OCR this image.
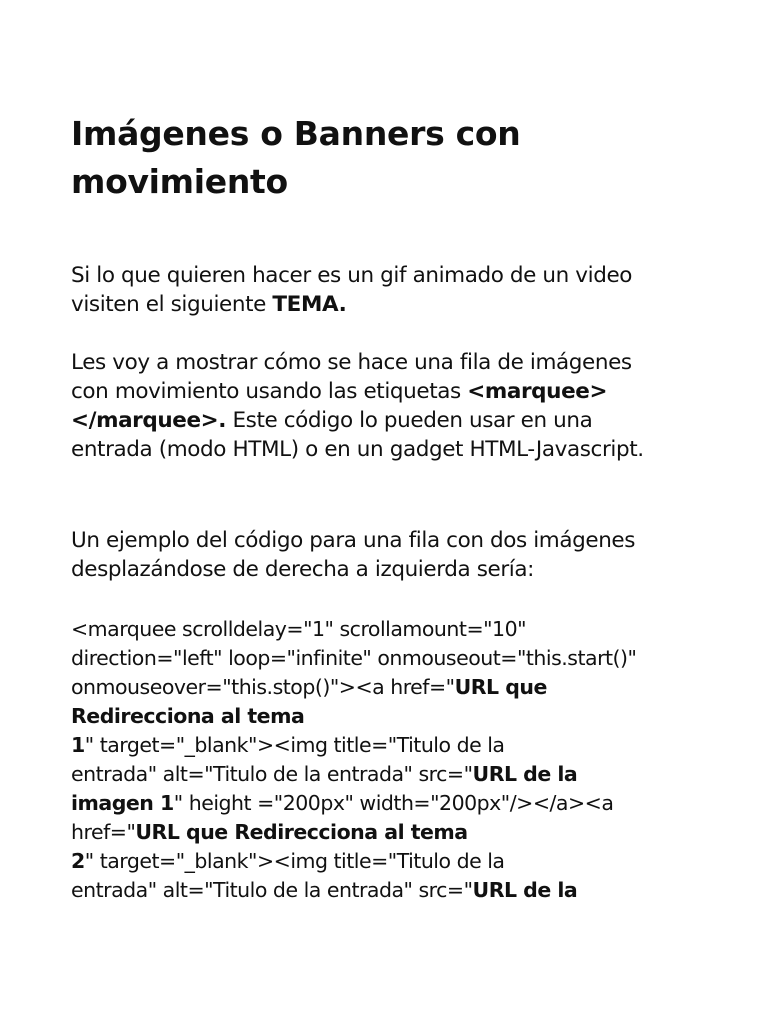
Imágenes o Banners con
movimiento

Si lo que quieren hacer es un gif animado de un video
visiten el siguiente TEMA.

Les voy a mostrar cómo se hace una fila de imágenes
con movimiento usando las etiquetas <marquee>
</marquee>. Este código lo pueden usar en una
entrada (modo HTML) o en un gadget HTML-Javascript.

Un ejemplo del código para una fila con dos imágenes
desplazándose de derecha a izquierda sería:

<marquee scrolldelay="1" scrollamount="10"
direction="left" loop="infinite" onmouseout="this.start()"
onmouseover="this.stop()"><a href="URL que
Redirecciona al tema
1" target="_blank"><img title="Titulo de la
entrada" alt="Titulo de la entrada" src="URL de la
imagen 1" height ="200px" width="200px"/></a><a
href="URL que Redirecciona al tema
2" target="_blank"><img title="Titulo de la
entrada" alt="Titulo de la entrada" src="URL de la
